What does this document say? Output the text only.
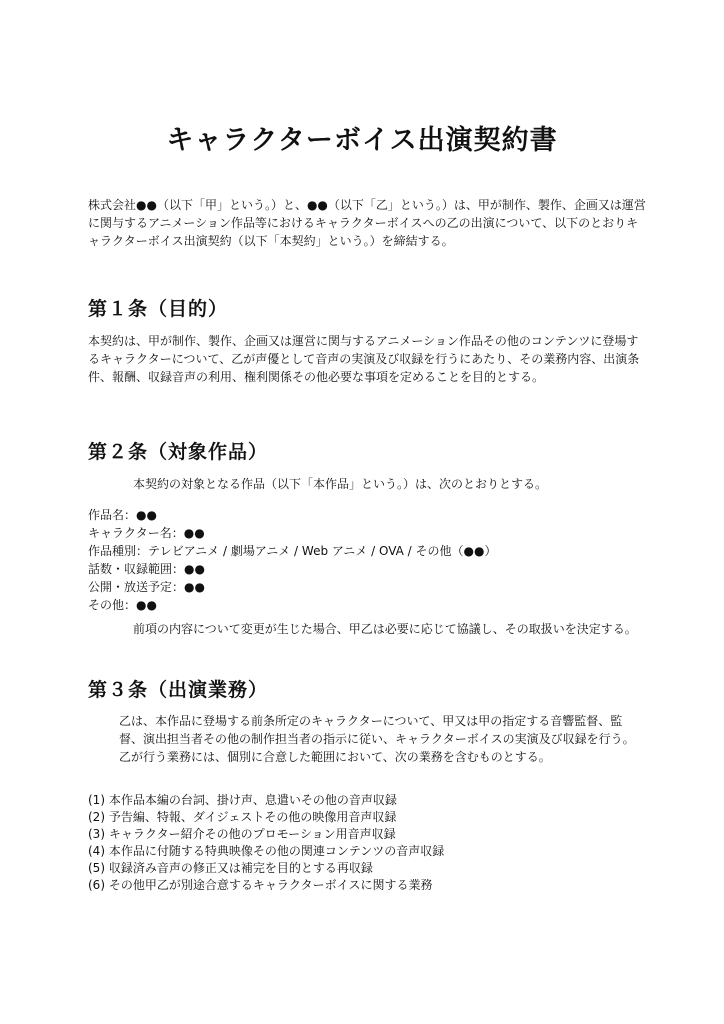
キャラクターボイス出演契約書
株式会社●●（以下「甲」という。）と、●●（以下「乙」という。）は、甲が制作、製作、企画又は運営に関与するアニメーション作品等におけるキャラクターボイスへの乙の出演について、以下のとおりキャラクターボイス出演契約（以下「本契約」という。）を締結する。
第１条（目的）
本契約は、甲が制作、製作、企画又は運営に関与するアニメーション作品その他のコンテンツに登場するキャラクターについて、乙が声優として音声の実演及び収録を行うにあたり、その業務内容、出演条件、報酬、収録音声の利用、権利関係その他必要な事項を定めることを目的とする。
第２条（対象作品）
本契約の対象となる作品（以下「本作品」という。）は、次のとおりとする。
作品名：●●
キャラクター名：●●
作品種別：テレビアニメ / 劇場アニメ / Web アニメ / OVA / その他（●●）
話数・収録範囲：●●
公開・放送予定：●●
その他：●●
前項の内容について変更が生じた場合、甲乙は必要に応じて協議し、その取扱いを決定する。
第３条（出演業務）

乙は、本作品に登場する前条所定のキャラクターについて、甲又は甲の指定する音響監督、監督、演出担当者その他の制作担当者の指示に従い、キャラクターボイスの実演及び収録を行う。

乙が行う業務には、個別に合意した範囲において、次の業務を含むものとする。

(1) 本作品本編の台詞、掛け声、息遣いその他の音声収録
(2) 予告編、特報、ダイジェストその他の映像用音声収録
(3) キャラクター紹介その他のプロモーション用音声収録
(4) 本作品に付随する特典映像その他の関連コンテンツの音声収録
(5) 収録済み音声の修正又は補完を目的とする再収録
(6) その他甲乙が別途合意するキャラクターボイスに関する業務
